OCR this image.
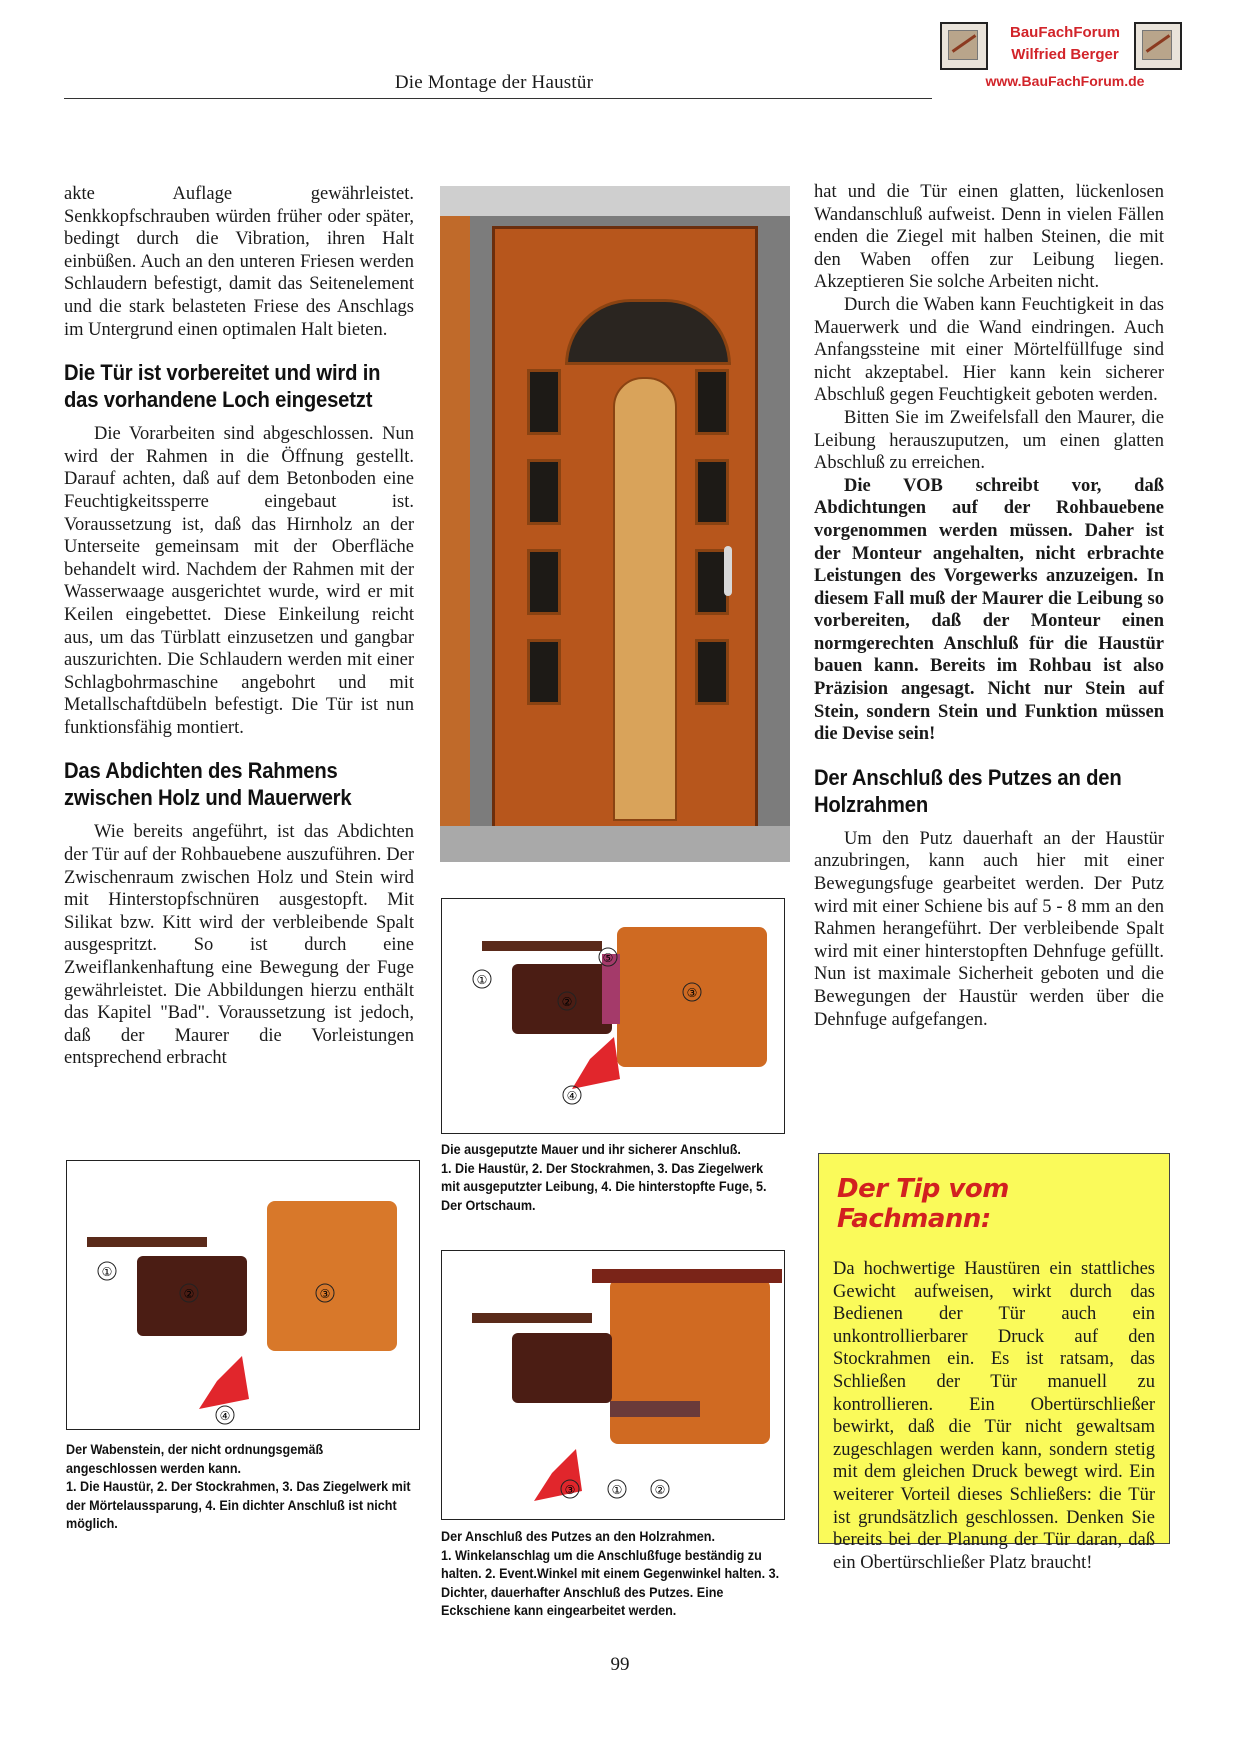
Die Montage der Haustür
BauFachForum
Wilfried Berger
www.BauFachForum.de

akte Auflage gewährleistet. Senkkopfschrauben würden früher oder später, bedingt durch die Vibration, ihren Halt einbüßen. Auch an den unteren Friesen werden Schlaudern befestigt, damit das Seitenelement und die stark belasteten Friese des Anschlags im Untergrund einen optimalen Halt bieten.

Die Tür ist vorbereitet und wird in das vorhandene Loch eingesetzt

Die Vorarbeiten sind abgeschlossen. Nun wird der Rahmen in die Öffnung gestellt. Darauf achten, daß auf dem Betonboden eine Feuchtigkeitssperre eingebaut ist. Voraussetzung ist, daß das Hirnholz an der Unterseite gemeinsam mit der Oberfläche behandelt wird. Nachdem der Rahmen mit der Wasserwaage ausgerichtet wurde, wird er mit Keilen eingebettet. Diese Einkeilung reicht aus, um das Türblatt einzusetzen und gangbar auszurichten. Die Schlaudern werden mit einer Schlagbohrmaschine angebohrt und mit Metallschaftdübeln befestigt. Die Tür ist nun funktionsfähig montiert.

Das Abdichten des Rahmens zwischen Holz und Mauerwerk

Wie bereits angeführt, ist das Abdichten der Tür auf der Rohbauebene auszuführen. Der Zwischenraum zwischen Holz und Stein wird mit Hinterstopfschnüren ausgestopft. Mit Silikat bzw. Kitt wird der verbleibende Spalt ausgespritzt. So ist durch eine Zweiflankenhaftung eine Bewegung der Fuge gewährleistet. Die Abbildungen hierzu enthält das Kapitel "Bad". Voraussetzung ist jedoch, daß der Maurer die Vorleistungen entsprechend erbracht

①
②
③
④
⑤

Die ausgeputzte Mauer und ihr sicherer Anschluß.

1. Die Haustür, 2. Der Stockrahmen, 3. Das Ziegelwerk mit ausgeputzter Leibung, 4. Die hinterstopfte Fuge, 5. Der Ortschaum.

①
②	③
④

Der Wabenstein, der nicht ordnungsgemäß angeschlossen werden kann.

1. Die Haustür, 2. Der Stockrahmen, 3. Das Ziegelwerk mit der Mörtelaussparung, 4. Ein dichter Anschluß ist nicht möglich.

③	①	②

Der Anschluß des Putzes an den Holzrahmen.

1. Winkelanschlag um die Anschlußfuge beständig zu halten. 2. Event.Winkel mit einem Gegenwinkel halten. 3. Dichter, dauerhafter Anschluß des Putzes. Eine Eckschiene kann eingearbeitet werden.

hat und die Tür einen glatten, lückenlosen Wandanschluß aufweist. Denn in vielen Fällen enden die Ziegel mit halben Steinen, die mit den Waben offen zur Leibung liegen. Akzeptieren Sie solche Arbeiten nicht.

Durch die Waben kann Feuchtigkeit in das Mauerwerk und die Wand eindringen. Auch Anfangssteine mit einer Mörtelfüllfuge sind nicht akzeptabel. Hier kann kein sicherer Abschluß gegen Feuchtigkeit geboten werden.

Bitten Sie im Zweifelsfall den Maurer, die Leibung herauszuputzen, um einen glatten Abschluß zu erreichen.

Die VOB schreibt vor, daß Abdichtungen auf der Rohbauebene vorgenommen werden müssen. Daher ist der Monteur angehalten, nicht erbrachte Leistungen des Vorgewerks anzuzeigen. In diesem Fall muß der Maurer die Leibung so vorbereiten, daß der Monteur einen normgerechten Anschluß für die Haustür bauen kann. Bereits im Rohbau ist also Präzision angesagt. Nicht nur Stein auf Stein, sondern Stein und Funktion müssen die Devise sein!

Der Anschluß des Putzes an den Holzrahmen

Um den Putz dauerhaft an der Haustür anzubringen, kann auch hier mit einer Bewegungsfuge gearbeitet werden. Der Putz wird mit einer Schiene bis auf 5 - 8 mm an den Rahmen herangeführt. Der verbleibende Spalt wird mit einer hinterstopften Dehnfuge gefüllt. Nun ist maximale Sicherheit geboten und die Bewegungen der Haustür werden über die Dehnfuge aufgefangen.

Der Tip vom Fachmann:
Da hochwertige Haustüren ein stattliches Gewicht aufweisen, wirkt durch das Bedienen der Tür auch ein unkontrollierbarer Druck auf den Stockrahmen ein. Es ist ratsam, das Schließen der Tür manuell zu kontrollieren. Ein Obertürschließer bewirkt, daß die Tür nicht gewaltsam zugeschlagen werden kann, sondern stetig mit dem gleichen Druck bewegt wird. Ein weiterer Vorteil dieses Schließers: die Tür ist grundsätzlich geschlossen. Denken Sie bereits bei der Planung der Tür daran, daß ein Obertürschließer Platz braucht!
99
